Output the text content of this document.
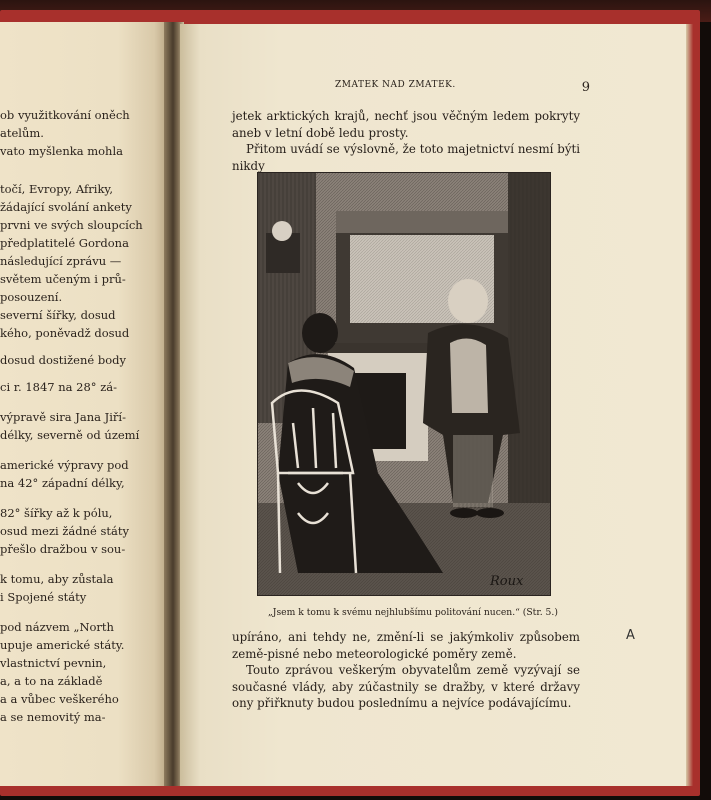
ob využitkování oněch
atelům.
vato myšlenka mohla
točí, Evropy, Afriky,
žádající svolání ankety
prvni ve svých sloupcích
předplatitelé Gordona
následující zprávu —
světem učeným i prů-
posouzení.
severní šířky, dosud
kého, poněvadž dosud
dosud dostižené body
ci r. 1847 na 28° zá-
výpravě sira Jana Jiří-
délky, severně od území
americké výpravy pod
na 42° západní délky,
82° šířky až k pólu,
osud mezi žádné státy
přešlo dražbou v sou-
k tomu, aby zůstala
i Spojené státy
pod názvem „North
upuje americké státy.
vlastnictví pevnin,
a, a to na základě
a a vůbec veškerého
a se nemovitý ma-
ZMATEK NAD ZMATEK.	9

jetek arktických krajů, nechť jsou věčným ledem pokryty aneb v letní době ledu prosty.

Přitom uvádí se výslovně, že toto majetnictví nesmí býti nikdy

Roux
„Jsem k tomu k svému nejhlubšímu politování nucen.“ (Str. 5.)

upíráno, ani tehdy ne, změní-li se jakýmkoliv způsobem země-pisné nebo meteorologické poměry země.

Touto zprávou veškerým obyvatelům země vyzývají se současné vlády, aby zúčastnily se dražby, v které državy ony přiřknuty budou poslednímu a nejvíce podávajícímu.

A
